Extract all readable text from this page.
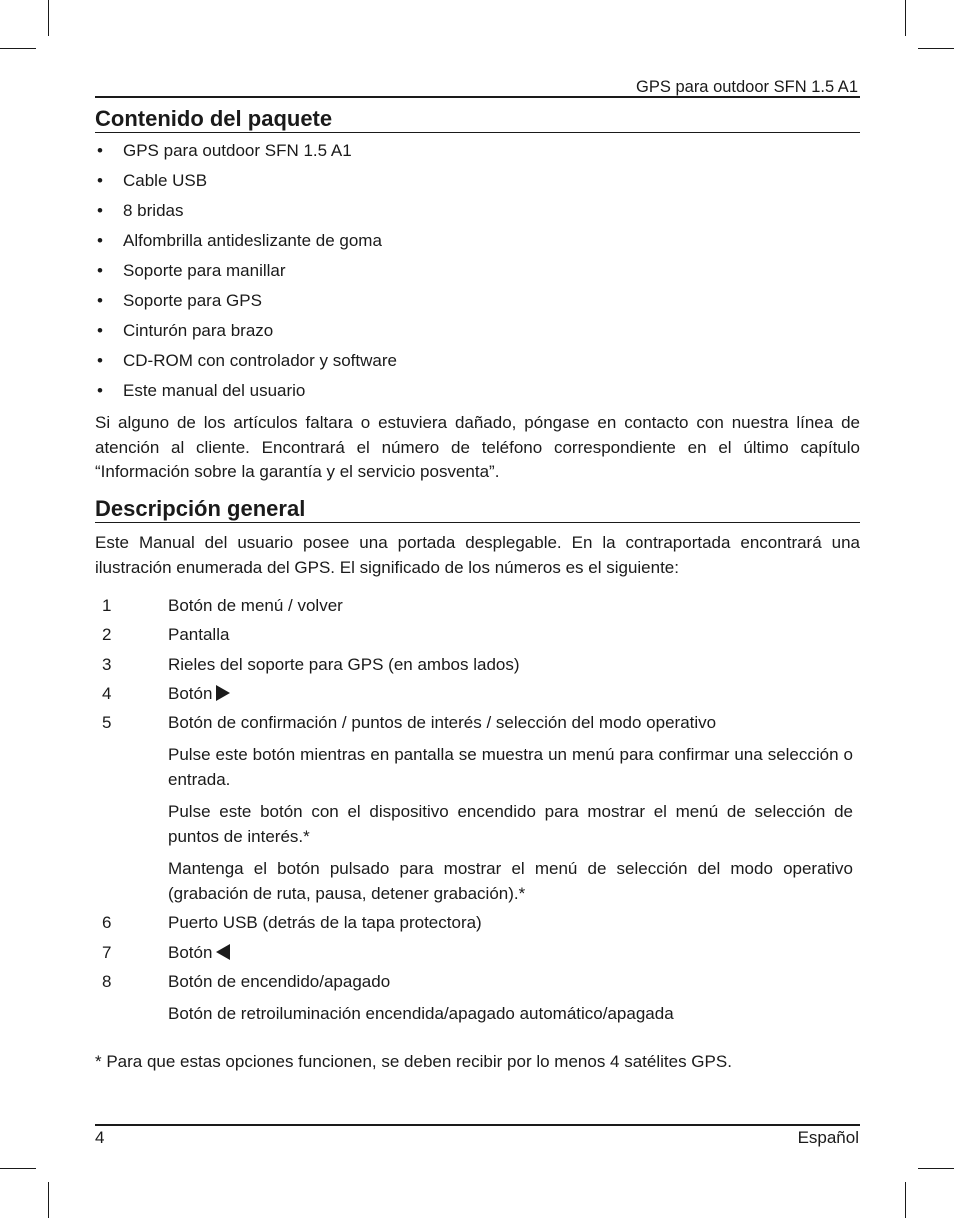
GPS para outdoor SFN 1.5 A1
Contenido del paquete
•	GPS para outdoor SFN 1.5 A1
•	Cable USB
•	8 bridas
•	Alfombrilla antideslizante de goma
•	Soporte para manillar
•	Soporte para GPS
•	Cinturón para brazo
•	CD-ROM con controlador y software
•	Este manual del usuario

Si alguno de los artículos faltara o estuviera dañado, póngase en contacto con nuestra línea de atención al cliente. Encontrará el número de teléfono correspondiente en el último capítulo “Información sobre la garantía y el servicio posventa”.

Descripción general

Este Manual del usuario posee una portada desplegable. En la contraportada encontrará una ilustración enumerada del GPS. El significado de los números es el siguiente:

1	Botón de menú / volver
2	Pantalla
3	Rieles del soporte para GPS (en ambos lados)
4	Botón
5	Botón de confirmación / puntos de interés / selección del modo operativo

Pulse este botón mientras en pantalla se muestra un menú para confirmar una selección o entrada.

Pulse este botón con el dispositivo encendido para mostrar el menú de selección de puntos de interés.*

Mantenga el botón pulsado para mostrar el menú de selección del modo operativo (grabación de ruta, pausa, detener grabación).*

6	Puerto USB (detrás de la tapa protectora)
7	Botón
8	Botón de encendido/apagado

Botón de retroiluminación encendida/apagado automático/apagada

* Para que estas opciones funcionen, se deben recibir por lo menos 4 satélites GPS.
4	Español
